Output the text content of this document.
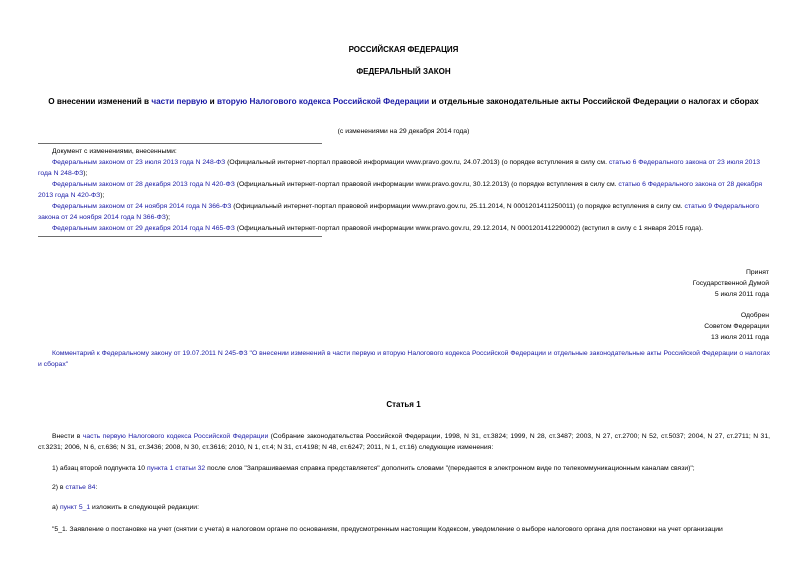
РОССИЙСКАЯ ФЕДЕРАЦИЯ
ФЕДЕРАЛЬНЫЙ ЗАКОН
О внесении изменений в части первую и вторую Налогового кодекса Российской Федерации и отдельные законодательные акты Российской Федерации о налогах и сборах
(с изменениями на 29 декабря 2014 года)
Документ с изменениями, внесенными:
Федеральным законом от 23 июля 2013 года N 248-ФЗ (Официальный интернет-портал правовой информации www.pravo.gov.ru, 24.07.2013) (о порядке вступления в силу см. статью 6 Федерального закона от 23 июля 2013 года N 248-ФЗ);
Федеральным законом от 28 декабря 2013 года N 420-ФЗ (Официальный интернет-портал правовой информации www.pravo.gov.ru, 30.12.2013) (о порядке вступления в силу см. статью 6 Федерального закона от 28 декабря 2013 года N 420-ФЗ);
Федеральным законом от 24 ноября 2014 года N 366-ФЗ (Официальный интернет-портал правовой информации www.pravo.gov.ru, 25.11.2014, N 0001201411250011) (о порядке вступления в силу см. статью 9 Федерального закона от 24 ноября 2014 года N 366-ФЗ);
Федеральным законом от 29 декабря 2014 года N 465-ФЗ (Официальный интернет-портал правовой информации www.pravo.gov.ru, 29.12.2014, N 0001201412290002) (вступил в силу с 1 января 2015 года).
Принят
Государственной Думой
5 июля 2011 года
Одобрен
Советом Федерации
13 июля 2011 года
Комментарий к Федеральному закону от 19.07.2011 N 245-ФЗ "О внесении изменений в части первую и вторую Налогового кодекса Российской Федерации и отдельные законодательные акты Российской Федерации о налогах и сборах"
Статья 1
Внести в часть первую Налогового кодекса Российской Федерации (Собрание законодательства Российской Федерации, 1998, N 31, ст.3824; 1999, N 28, ст.3487; 2003, N 27, ст.2700; N 52, ст.5037; 2004, N 27, ст.2711; N 31, ст.3231; 2006, N 6, ст.636; N 31, ст.3436; 2008, N 30, ст.3616; 2010, N 1, ст.4; N 31, ст.4198; N 48, ст.6247; 2011, N 1, ст.16) следующие изменения:
1) абзац второй подпункта 10 пункта 1 статьи 32 после слов "Запрашиваемая справка представляется" дополнить словами "(передается в электронном виде по телекоммуникационным каналам связи)";
2) в статье 84:
а) пункт 5_1 изложить в следующей редакции:
"5_1. Заявление о постановке на учет (снятии с учета) в налоговом органе по основаниям, предусмотренным настоящим Кодексом, уведомление о выборе налогового органа для постановки на учет организации
